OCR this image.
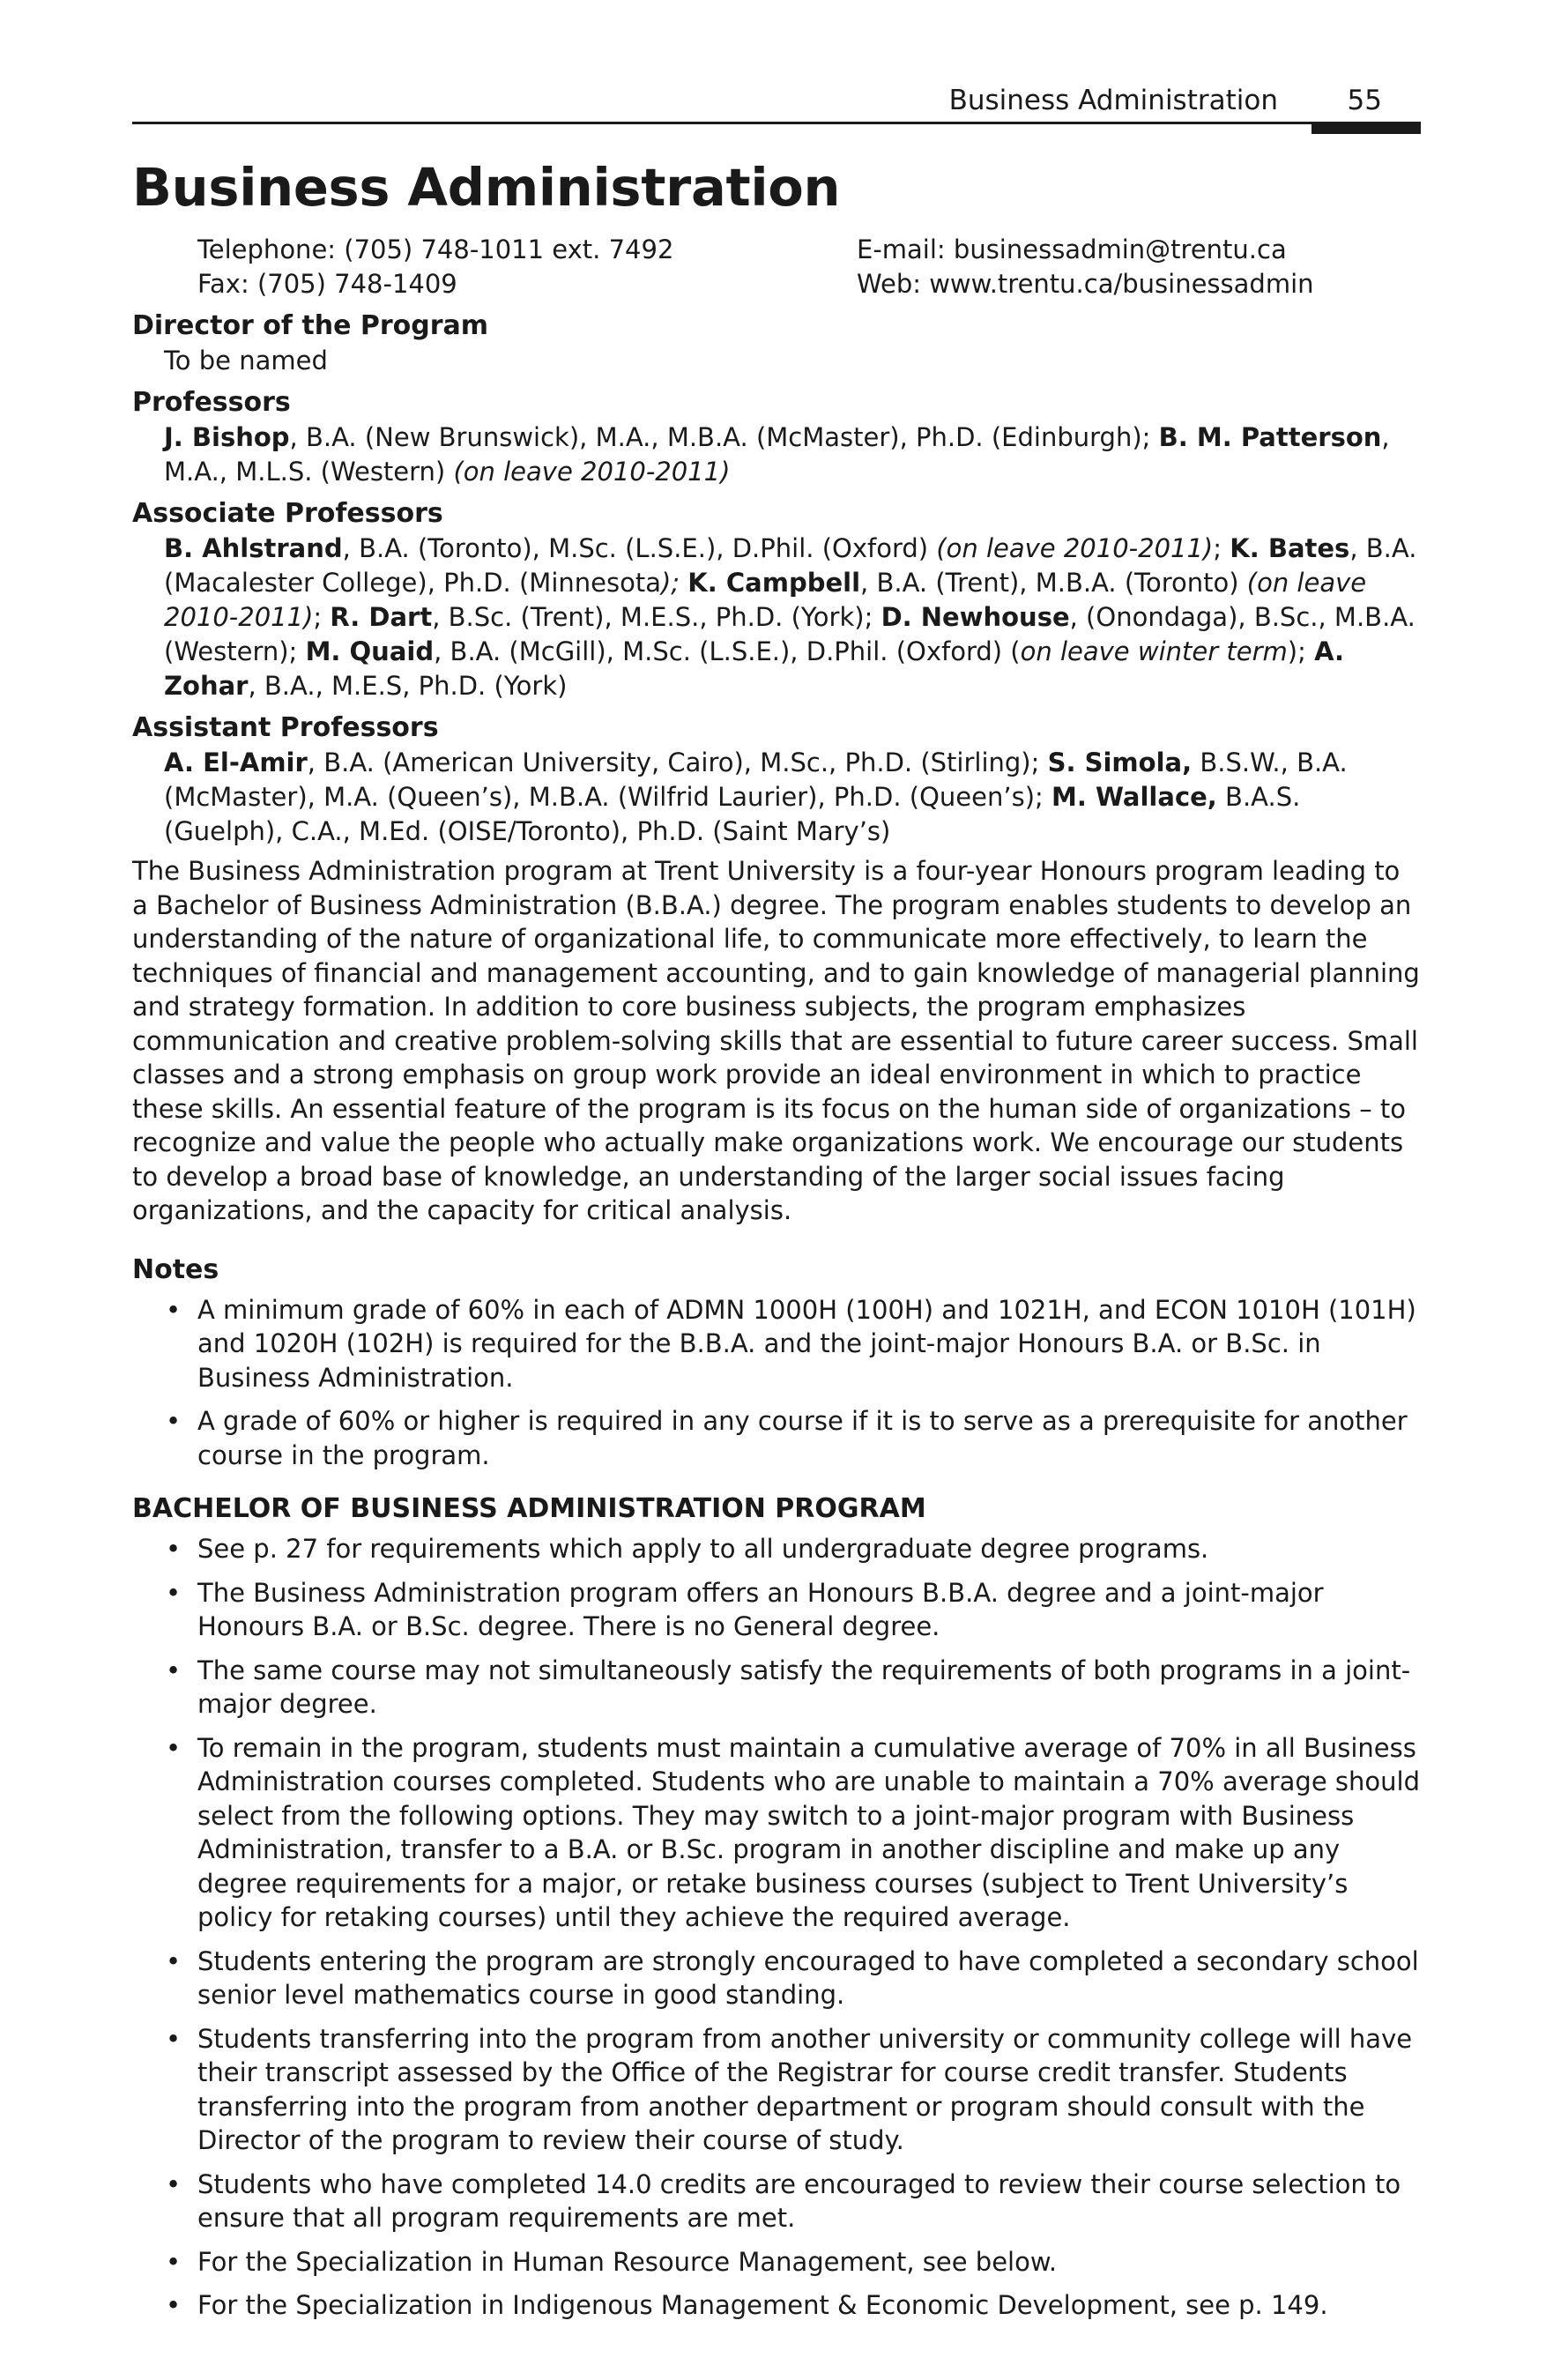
Business Administration	55
Business Administration
Telephone: (705) 748-1011 ext. 7492
Fax: (705) 748-1409
E-mail: businessadmin@trentu.ca
Web: www.trentu.ca/businessadmin
Director of the Program
To be named
Professors
J. Bishop, B.A. (New Brunswick), M.A., M.B.A. (McMaster), Ph.D. (Edinburgh); B. M. Patterson, M.A., M.L.S. (Western) (on leave 2010-2011)
Associate Professors
B. Ahlstrand, B.A. (Toronto), M.Sc. (L.S.E.), D.Phil. (Oxford) (on leave 2010-2011); K. Bates, B.A. (Macalester College), Ph.D. (Minnesota); K. Campbell, B.A. (Trent), M.B.A. (Toronto) (on leave 2010-2011); R. Dart, B.Sc. (Trent), M.E.S., Ph.D. (York); D. Newhouse, (Onondaga), B.Sc., M.B.A. (Western); M. Quaid, B.A. (McGill), M.Sc. (L.S.E.), D.Phil. (Oxford) (on leave winter term); A. Zohar, B.A., M.E.S, Ph.D. (York)
Assistant Professors
A. El-Amir, B.A. (American University, Cairo), M.Sc., Ph.D. (Stirling); S. Simola, B.S.W., B.A. (McMaster), M.A. (Queen’s), M.B.A. (Wilfrid Laurier), Ph.D. (Queen’s); M. Wallace, B.A.S. (Guelph), C.A., M.Ed. (OISE/Toronto), Ph.D. (Saint Mary’s)

The Business Administration program at Trent University is a four-year Honours program leading to a Bachelor of Business Administration (B.B.A.) degree. The program enables students to develop an understanding of the nature of organizational life, to communicate more effectively, to learn the techniques of financial and management accounting, and to gain knowledge of managerial planning and strategy formation. In addition to core business subjects, the program emphasizes communication and creative problem-solving skills that are essential to future career success. Small classes and a strong emphasis on group work provide an ideal environment in which to practice these skills. An essential feature of the program is its focus on the human side of organizations – to recognize and value the people who actually make organizations work. We encourage our students to develop a broad base of knowledge, an understanding of the larger social issues facing organizations, and the capacity for critical analysis.

Notes
• A minimum grade of 60% in each of ADMN 1000H (100H) and 1021H, and ECON 1010H (101H) and 1020H (102H) is required for the B.B.A. and the joint-major Honours B.A. or B.Sc. in Business Administration.
• A grade of 60% or higher is required in any course if it is to serve as a prerequisite for another course in the program.
BACHELOR OF BUSINESS ADMINISTRATION PROGRAM
• See p. 27 for requirements which apply to all undergraduate degree programs.
• The Business Administration program offers an Honours B.B.A. degree and a joint-major Honours B.A. or B.Sc. degree. There is no General degree.
• The same course may not simultaneously satisfy the requirements of both programs in a joint-major degree.
• To remain in the program, students must maintain a cumulative average of 70% in all Business Administration courses completed. Students who are unable to maintain a 70% average should select from the following options. They may switch to a joint-major program with Business Administration, transfer to a B.A. or B.Sc. program in another discipline and make up any degree requirements for a major, or retake business courses (subject to Trent University’s policy for retaking courses) until they achieve the required average.
• Students entering the program are strongly encouraged to have completed a secondary school senior level mathematics course in good standing.
• Students transferring into the program from another university or community college will have their transcript assessed by the Office of the Registrar for course credit transfer. Students transferring into the program from another department or program should consult with the Director of the program to review their course of study.
• Students who have completed 14.0 credits are encouraged to review their course selection to ensure that all program requirements are met.
• For the Specialization in Human Resource Management, see below.
• For the Specialization in Indigenous Management & Economic Development, see p. 149.
